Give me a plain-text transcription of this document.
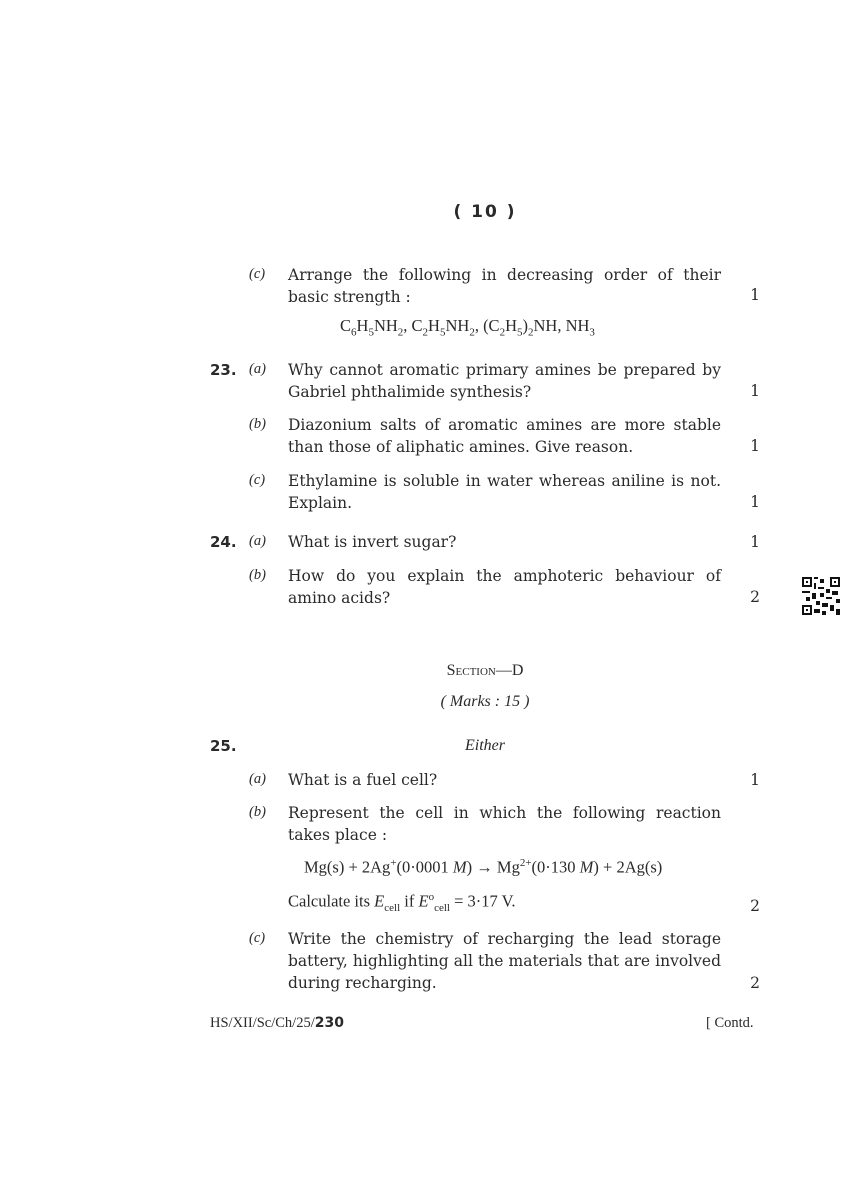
( 10 )
(c) Arrange the following in decreasing order of their basic strength :	1
$C_6H_5NH_2$, $C_2H_5NH_2$, $(C_2H_5)_2NH$, $NH_3$
23. (a) Why cannot aromatic primary amines be prepared by Gabriel phthalimide synthesis?	1
(b) Diazonium salts of aromatic amines are more stable than those of aliphatic amines. Give reason.	1
(c) Ethylamine is soluble in water whereas aniline is not. Explain.	1
24. (a) What is invert sugar?	1
(b) How do you explain the amphoteric behaviour of amino acids?	2
Section—D
( Marks : 15 )
25.	Either
(a) What is a fuel cell?	1
(b) Represent the cell in which the following reaction takes place :
Mg(s) + 2Ag+(0·0001 $M) \to Mg^{2+}(0\cdot 130$ M) + 2Ag(s)
Calculate its $E_{cell}$ if $E^o_{cell} = 3\cdot 17$ V.	2
(c) Write the chemistry of recharging the lead storage battery, highlighting all the materials that are involved during recharging.	2
HS/XII/Sc/Ch/25/230	[ Contd.
